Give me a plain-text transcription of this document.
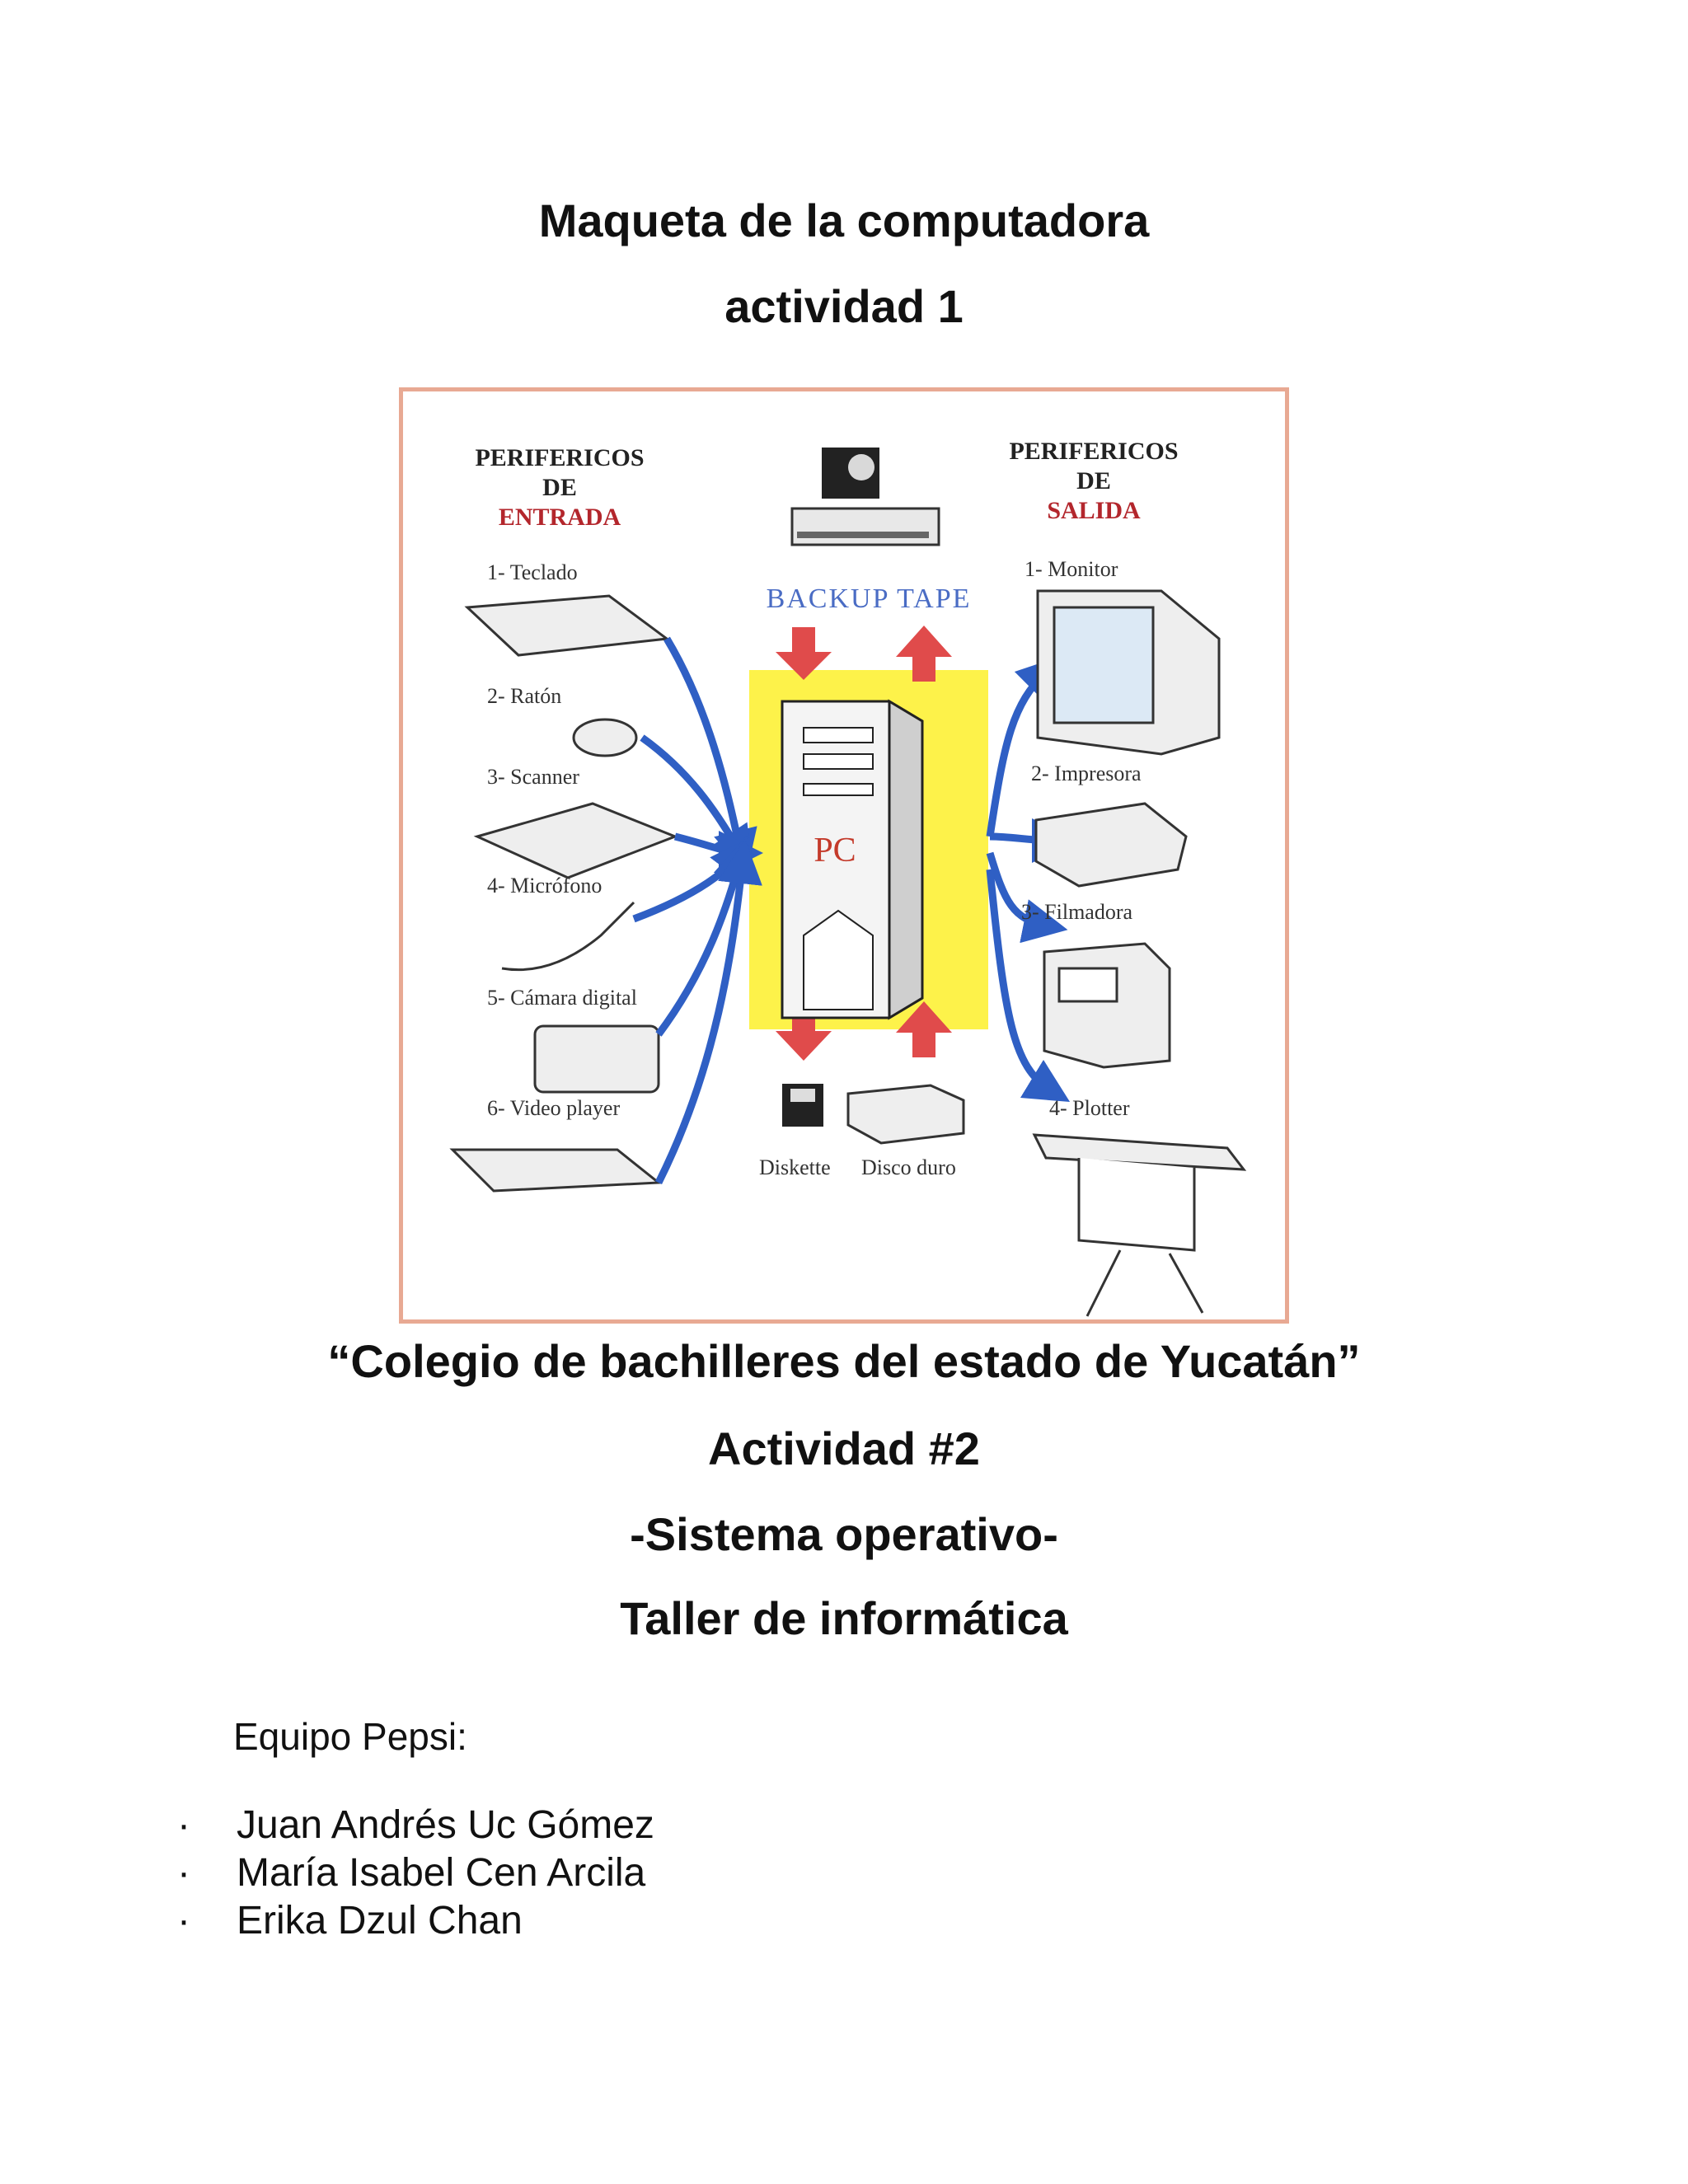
Maqueta de la computadora
actividad 1
PERIFERICOS
DE
ENTRADA
PERIFERICOS
DE
SALIDA
BACKUP TAPE
PC
1- Teclado
2- Ratón
3- Scanner
4- Micrófono
5- Cámara digital
6- Video player
1- Monitor
2- Impresora
3- Filmadora
4- Plotter
Diskette Disco duro
“Colegio de bachilleres del estado de Yucatán”
Actividad #2
-Sistema operativo-
Taller de informática
Equipo Pepsi:
·	Juan Andrés Uc Gómez
·	María Isabel Cen Arcila
·	Erika Dzul Chan
